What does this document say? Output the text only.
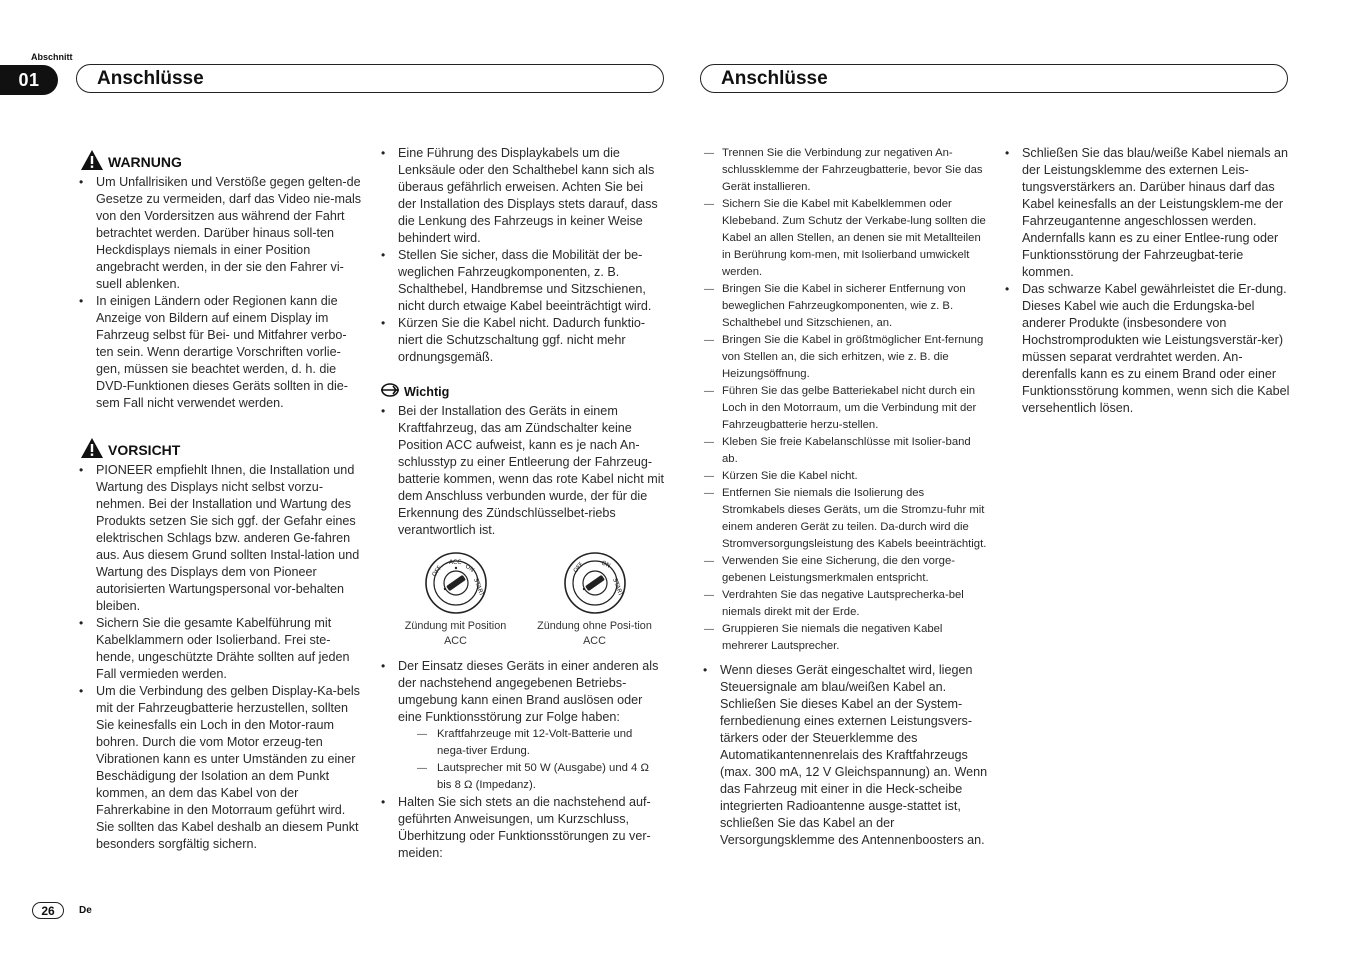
Abschnitt
01	Anschlüsse	Anschlüsse
WARNUNG
• Um Unfallrisiken und Verstöße gegen gelten-de Gesetze zu vermeiden, darf das Video nie-mals von den Vordersitzen aus während der Fahrt betrachtet werden. Darüber hinaus soll-ten Heckdisplays niemals in einer Position angebracht werden, in der sie den Fahrer vi-suell ablenken.
• In einigen Ländern oder Regionen kann die Anzeige von Bildern auf einem Display im Fahrzeug selbst für Bei- und Mitfahrer verbo-ten sein. Wenn derartige Vorschriften vorlie-gen, müssen sie beachtet werden, d. h. die DVD-Funktionen dieses Geräts sollten in die-sem Fall nicht verwendet werden.
VORSICHT
• PIONEER empfiehlt Ihnen, die Installation und Wartung des Displays nicht selbst vorzu-nehmen. Bei der Installation und Wartung des Produkts setzen Sie sich ggf. der Gefahr eines elektrischen Schlags bzw. anderen Ge-fahren aus. Aus diesem Grund sollten Instal-lation und Wartung des Displays dem von Pioneer autorisierten Wartungspersonal vor-behalten bleiben.
• Sichern Sie die gesamte Kabelführung mit Kabelklammern oder Isolierband. Frei ste-hende, ungeschützte Drähte sollten auf jeden Fall vermieden werden.
• Um die Verbindung des gelben Display-Ka-bels mit der Fahrzeugbatterie herzustellen, sollten Sie keinesfalls ein Loch in den Motor-raum bohren. Durch die vom Motor erzeug-ten Vibrationen kann es unter Umständen zu einer Beschädigung der Isolation an dem Punkt kommen, an dem das Kabel von der Fahrerkabine in den Motorraum geführt wird. Sie sollten das Kabel deshalb an diesem Punkt besonders sorgfältig sichern.
• Eine Führung des Displaykabels um die Lenksäule oder den Schalthebel kann sich als überaus gefährlich erweisen. Achten Sie bei der Installation des Displays stets darauf, dass die Lenkung des Fahrzeugs in keiner Weise behindert wird.
• Stellen Sie sicher, dass die Mobilität der be-weglichen Fahrzeugkomponenten, z. B. Schalthebel, Handbremse und Sitzschienen, nicht durch etwaige Kabel beeinträchtigt wird.
• Kürzen Sie die Kabel nicht. Dadurch funktio-niert die Schutzschaltung ggf. nicht mehr ordnungsgemäß.
Wichtig
• Bei der Installation des Geräts in einem Kraftfahrzeug, das am Zündschalter keine Position ACC aufweist, kann es je nach An-schlusstyp zu einer Entleerung der Fahrzeug-batterie kommen, wenn das rote Kabel nicht mit dem Anschluss verbunden wurde, der für die Erkennung des Zündschlüsselbet-riebs verantwortlich ist.
OFF
ACC
ON
START
Zündung mit Position ACC
OFF	ON
START
Zündung ohne Posi-tion ACC
• Der Einsatz dieses Geräts in einer anderen als der nachstehend angegebenen Betriebs-umgebung kann einen Brand auslösen oder eine Funktionsstörung zur Folge haben:
— Kraftfahrzeuge mit 12-Volt-Batterie und nega-tiver Erdung.
— Lautsprecher mit 50 W (Ausgabe) und 4 Ω bis 8 Ω (Impedanz).
• Halten Sie sich stets an die nachstehend auf-geführten Anweisungen, um Kurzschluss, Überhitzung oder Funktionsstörungen zu ver-meiden:
— Trennen Sie die Verbindung zur negativen An-schlussklemme der Fahrzeugbatterie, bevor Sie das Gerät installieren.
— Sichern Sie die Kabel mit Kabelklemmen oder Klebeband. Zum Schutz der Verkabe-lung sollten die Kabel an allen Stellen, an denen sie mit Metallteilen in Berührung kom-men, mit Isolierband umwickelt werden.
— Bringen Sie die Kabel in sicherer Entfernung von beweglichen Fahrzeugkomponenten, wie z. B. Schalthebel und Sitzschienen, an.
— Bringen Sie die Kabel in größtmöglicher Ent-fernung von Stellen an, die sich erhitzen, wie z. B. die Heizungsöffnung.
— Führen Sie das gelbe Batteriekabel nicht durch ein Loch in den Motorraum, um die Verbindung mit der Fahrzeugbatterie herzu-stellen.
— Kleben Sie freie Kabelanschlüsse mit Isolier-band ab.
— Kürzen Sie die Kabel nicht.
— Entfernen Sie niemals die Isolierung des Stromkabels dieses Geräts, um die Stromzu-fuhr mit einem anderen Gerät zu teilen. Da-durch wird die Stromversorgungsleistung des Kabels beeinträchtigt.
— Verwenden Sie eine Sicherung, die den vorge-gebenen Leistungsmerkmalen entspricht.
— Verdrahten Sie das negative Lautsprecherka-bel niemals direkt mit der Erde.
— Gruppieren Sie niemals die negativen Kabel mehrerer Lautsprecher.
• Wenn dieses Gerät eingeschaltet wird, liegen Steuersignale am blau/weißen Kabel an. Schließen Sie dieses Kabel an der System-fernbedienung eines externen Leistungsvers-tärkers oder der Steuerklemme des Automatikantennenrelais des Kraftfahrzeugs (max. 300 mA, 12 V Gleichspannung) an. Wenn das Fahrzeug mit einer in die Heck-scheibe integrierten Radioantenne ausge-stattet ist, schließen Sie das Kabel an der Versorgungsklemme des Antennenboosters an.
• Schließen Sie das blau/weiße Kabel niemals an der Leistungsklemme des externen Leis-tungsverstärkers an. Darüber hinaus darf das Kabel keinesfalls an der Leistungsklem-me der Fahrzeugantenne angeschlossen werden. Andernfalls kann es zu einer Entlee-rung oder Funktionsstörung der Fahrzeugbat-terie kommen.
• Das schwarze Kabel gewährleistet die Er-dung. Dieses Kabel wie auch die Erdungska-bel anderer Produkte (insbesondere von Hochstromprodukten wie Leistungsverstär-ker) müssen separat verdrahtet werden. An-derenfalls kann es zu einem Brand oder einer Funktionsstörung kommen, wenn sich die Kabel versehentlich lösen.
26	De
